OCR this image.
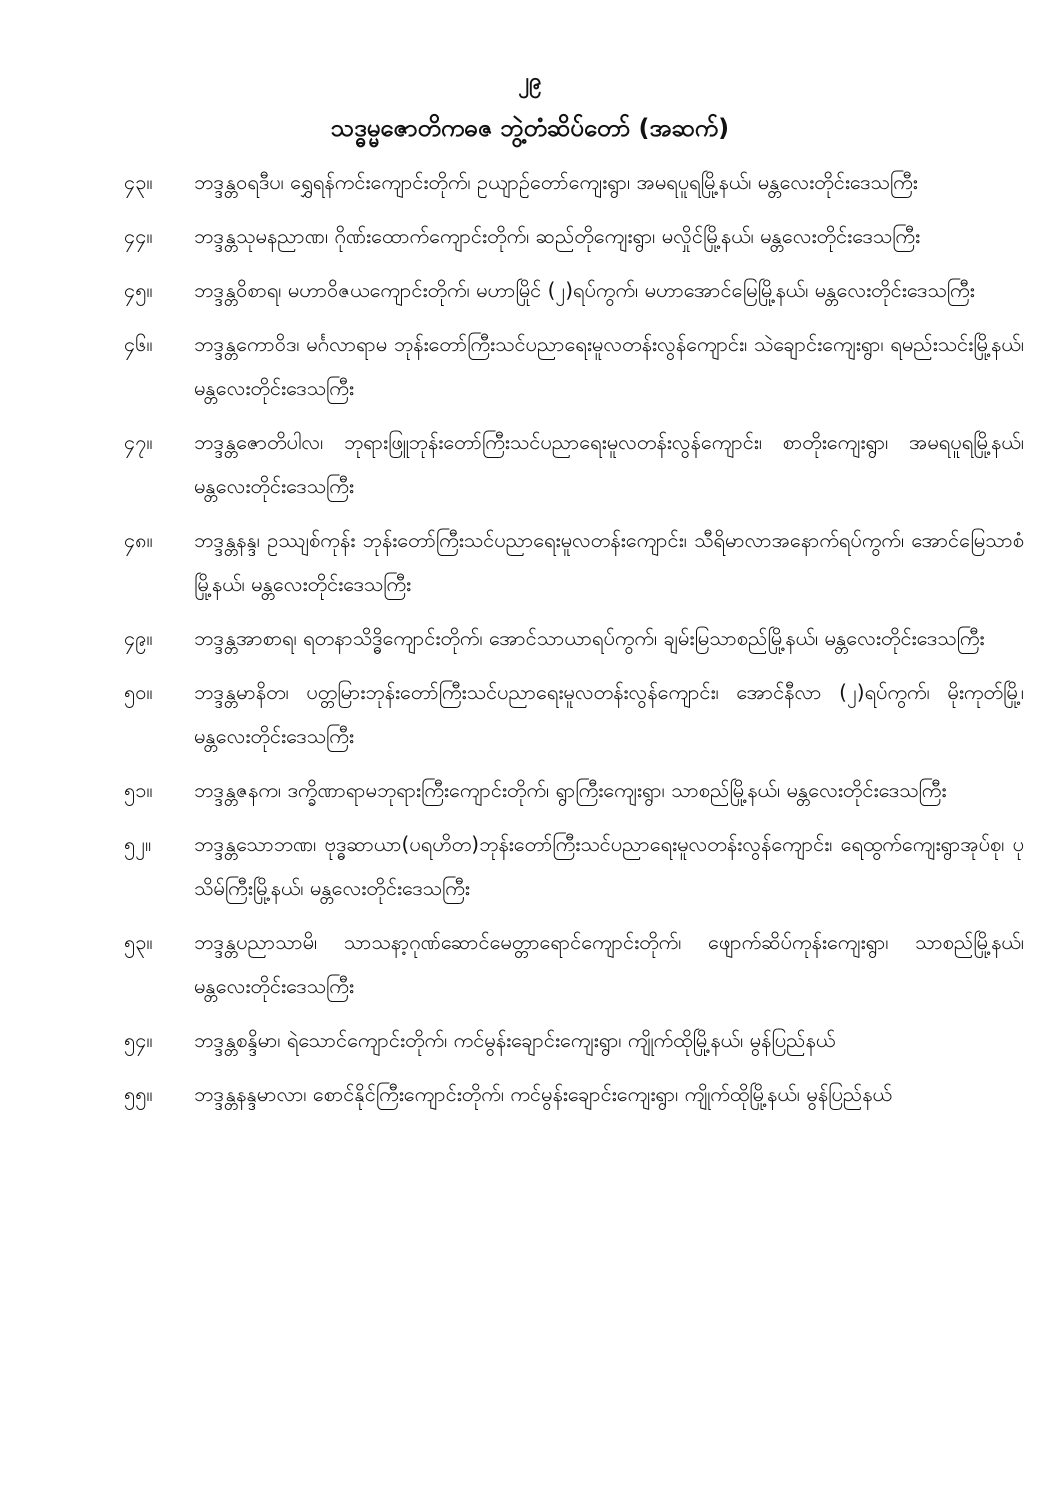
၂၉
သဒ္ဓမ္မဇောတိကဓဇ ဘွဲ့တံဆိပ်တော် (အဆက်)
၄၃။	ဘဒ္ဒန္တဝရဒီပ၊ ရွှေရန်ကင်းကျောင်းတိုက်၊ ဥယျာဉ်တော်ကျေးရွာ၊ အမရပူရမြို့နယ်၊ မန္တလေးတိုင်းဒေသကြီး
၄၄။	ဘဒ္ဒန္တသုမနညာဏ၊ ဂိုဏ်းထောက်ကျောင်းတိုက်၊ ဆည်တိုကျေးရွာ၊ မလှိုင်မြို့နယ်၊ မန္တလေးတိုင်းဒေသကြီး
၄၅။	ဘဒ္ဒန္တဝိစာရ၊ မဟာဝိဇယကျောင်းတိုက်၊ မဟာမြိုင် (၂)ရပ်ကွက်၊ မဟာအောင်မြေမြို့နယ်၊ မန္တလေးတိုင်းဒေသကြီး
၄၆။	ဘဒ္ဒန္တကောဝိဒ၊ မင်္ဂလာရာမ ဘုန်းတော်ကြီးသင်ပညာရေးမူလတန်းလွန်ကျောင်း၊ သဲချောင်းကျေးရွာ၊ ရမည်းသင်းမြို့နယ်၊ မန္တလေးတိုင်းဒေသကြီး
၄၇။	ဘဒ္ဒန္တဇောတိပါလ၊ ဘုရားဖြူဘုန်းတော်ကြီးသင်ပညာရေးမူလတန်းလွန်ကျောင်း၊ စာတိုးကျေးရွာ၊ အမရပူရမြို့နယ်၊ မန္တလေးတိုင်းဒေသကြီး
၄၈။	ဘဒ္ဒန္တနန္ဒ၊ ဥဿျစ်ကုန်း ဘုန်းတော်ကြီးသင်ပညာရေးမူလတန်းကျောင်း၊ သီရိမာလာအနောက်ရပ်ကွက်၊ အောင်မြေသာစံမြို့နယ်၊ မန္တလေးတိုင်းဒေသကြီး
၄၉။	ဘဒ္ဒန္တအာစာရ၊ ရတနာသိဒ္ဓိကျောင်းတိုက်၊ အောင်သာယာရပ်ကွက်၊ ချမ်းမြသာစည်မြို့နယ်၊ မန္တလေးတိုင်းဒေသကြီး
၅၀။	ဘဒ္ဒန္တမာနိတ၊ ပတ္တမြားဘုန်းတော်ကြီးသင်ပညာရေးမူလတန်းလွန်ကျောင်း၊ အောင်နီလာ (၂)ရပ်ကွက်၊ မိုးကုတ်မြို့၊ မန္တလေးတိုင်းဒေသကြီး
၅၁။	ဘဒ္ဒန္တဇနက၊ ဒက္ခိဏာရာမဘုရားကြီးကျောင်းတိုက်၊ ရွာကြီးကျေးရွာ၊ သာစည်မြို့နယ်၊ မန္တလေးတိုင်းဒေသကြီး
၅၂။	ဘဒ္ဒန္တသောဘဏ၊ ဗုဒ္ဓဆာယာ(ပရဟိတ)ဘုန်းတော်ကြီးသင်ပညာရေးမူလတန်းလွန်ကျောင်း၊ ရေထွက်ကျေးရွာအုပ်စု၊ ပုသိမ်ကြီးမြို့နယ်၊ မန္တလေးတိုင်းဒေသကြီး
၅၃။	ဘဒ္ဒန္တပညာသာမိ၊ သာသနာ့ဂုဏ်ဆောင်မေတ္တာရောင်ကျောင်းတိုက်၊ ဖျောက်ဆိပ်ကုန်းကျေးရွာ၊ သာစည်မြို့နယ်၊ မန္တလေးတိုင်းဒေသကြီး
၅၄။	ဘဒ္ဒန္တစန္ဒိမာ၊ ရဲသောင်ကျောင်းတိုက်၊ ကင်မွန်းချောင်းကျေးရွာ၊ ကျိုက်ထိုမြို့နယ်၊ မွန်ပြည်နယ်
၅၅။	ဘဒ္ဒန္တနန္ဒမာလာ၊ စောင်နိုင်ကြီးကျောင်းတိုက်၊ ကင်မွန်းချောင်းကျေးရွာ၊ ကျိုက်ထိုမြို့နယ်၊ မွန်ပြည်နယ်
